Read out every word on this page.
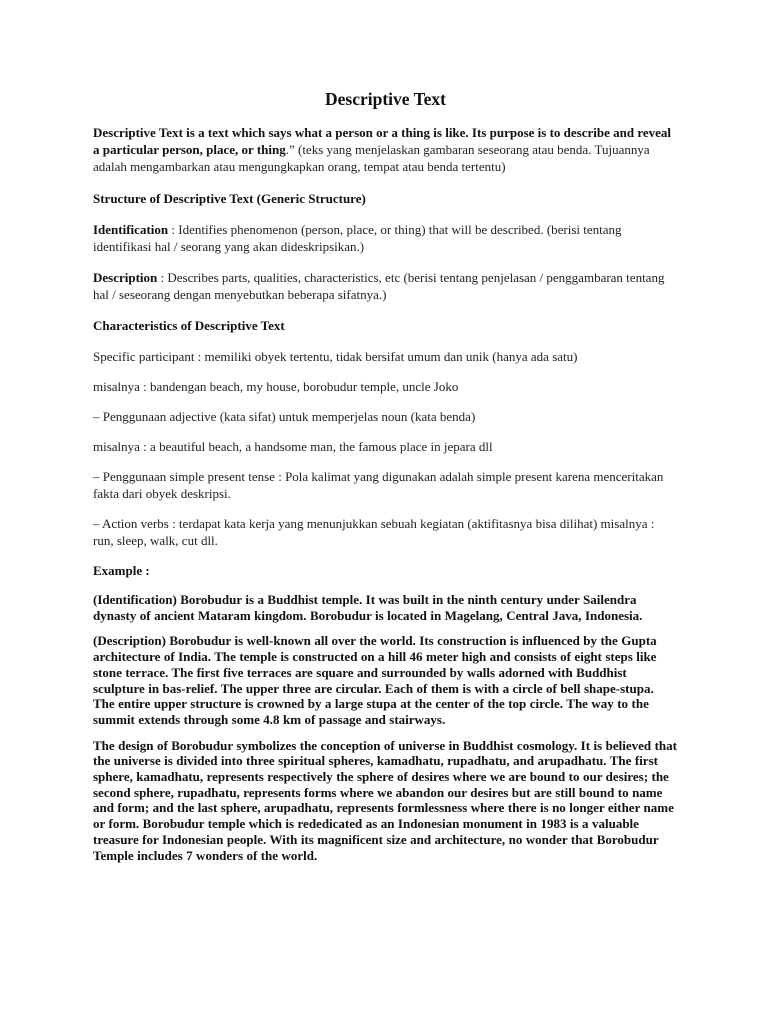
Descriptive Text

Descriptive Text is a text which says what a person or a thing is like. Its purpose is to describe and reveal a particular person, place, or thing.” (teks yang menjelaskan gambaran seseorang atau benda. Tujuannya adalah mengambarkan atau mengungkapkan orang, tempat atau benda tertentu)

Structure of Descriptive Text (Generic Structure)

Identification : Identifies phenomenon (person, place, or thing) that will be described. (berisi tentang identifikasi hal / seorang yang akan dideskripsikan.)

Description : Describes parts, qualities, characteristics, etc (berisi tentang penjelasan / penggambaran tentang hal / seseorang dengan menyebutkan beberapa sifatnya.)

Characteristics of Descriptive Text

Specific participant : memiliki obyek tertentu, tidak bersifat umum dan unik (hanya ada satu)

misalnya : bandengan beach, my house, borobudur temple, uncle Joko

– Penggunaan adjective (kata sifat) untuk memperjelas noun (kata benda)

misalnya : a beautiful beach, a handsome man, the famous place in jepara dll

– Penggunaan simple present tense : Pola kalimat yang digunakan adalah simple present karena menceritakan fakta dari obyek deskripsi.

– Action verbs : terdapat kata kerja yang menunjukkan sebuah kegiatan (aktifitasnya bisa dilihat) misalnya : run, sleep, walk, cut dll.

Example :

(Identification) Borobudur is a Buddhist temple. It was built in the ninth century under Sailendra dynasty of ancient Mataram kingdom. Borobudur is located in Magelang, Central Java, Indonesia.

(Description) Borobudur is well-known all over the world. Its construction is influenced by the Gupta architecture of India. The temple is constructed on a hill 46 meter high and consists of eight steps like stone terrace. The first five terraces are square and surrounded by walls adorned with Buddhist sculpture in bas-relief. The upper three are circular. Each of them is with a circle of bell shape-stupa. The entire upper structure is crowned by a large stupa at the center of the top circle. The way to the summit extends through some 4.8 km of passage and stairways.

The design of Borobudur symbolizes the conception of universe in Buddhist cosmology. It is believed that the universe is divided into three spiritual spheres, kamadhatu, rupadhatu, and arupadhatu. The first sphere, kamadhatu, represents respectively the sphere of desires where we are bound to our desires; the second sphere, rupadhatu, represents forms where we abandon our desires but are still bound to name and form; and the last sphere, arupadhatu, represents formlessness where there is no longer either name or form. Borobudur temple which is rededicated as an Indonesian monument in 1983 is a valuable treasure for Indonesian people. With its magnificent size and architecture, no wonder that Borobudur Temple includes 7 wonders of the world.
